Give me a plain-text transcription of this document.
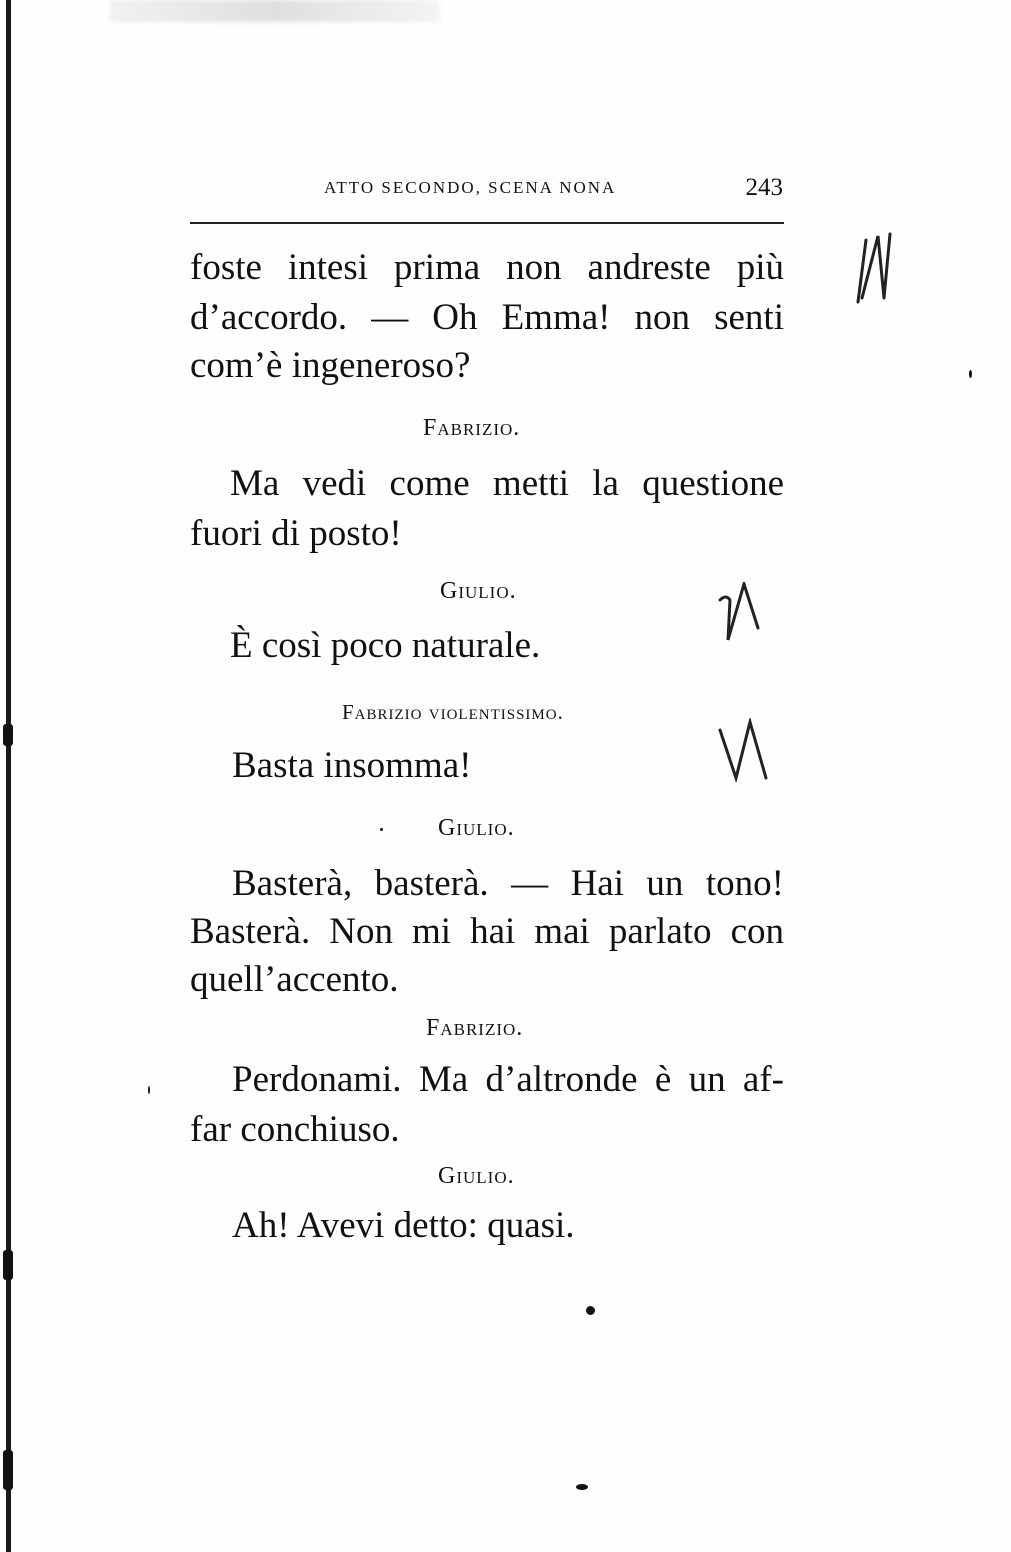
ATTO SECONDO, SCENA NONA	243
foste intesi prima non andreste più
d’accordo. — Oh Emma! non senti
com’è ingeneroso?
Fabrizio.
Ma vedi come metti la questione
fuori di posto!
Giulio.
È così poco naturale.
Fabrizio violentissimo.
Basta insomma!
Giulio.
Basterà, basterà. — Hai un tono!
Basterà. Non mi hai mai parlato con
quell’accento.
Fabrizio.
Perdonami. Ma d’altronde è un af-
far conchiuso.
Giulio.
Ah! Avevi detto: quasi.
